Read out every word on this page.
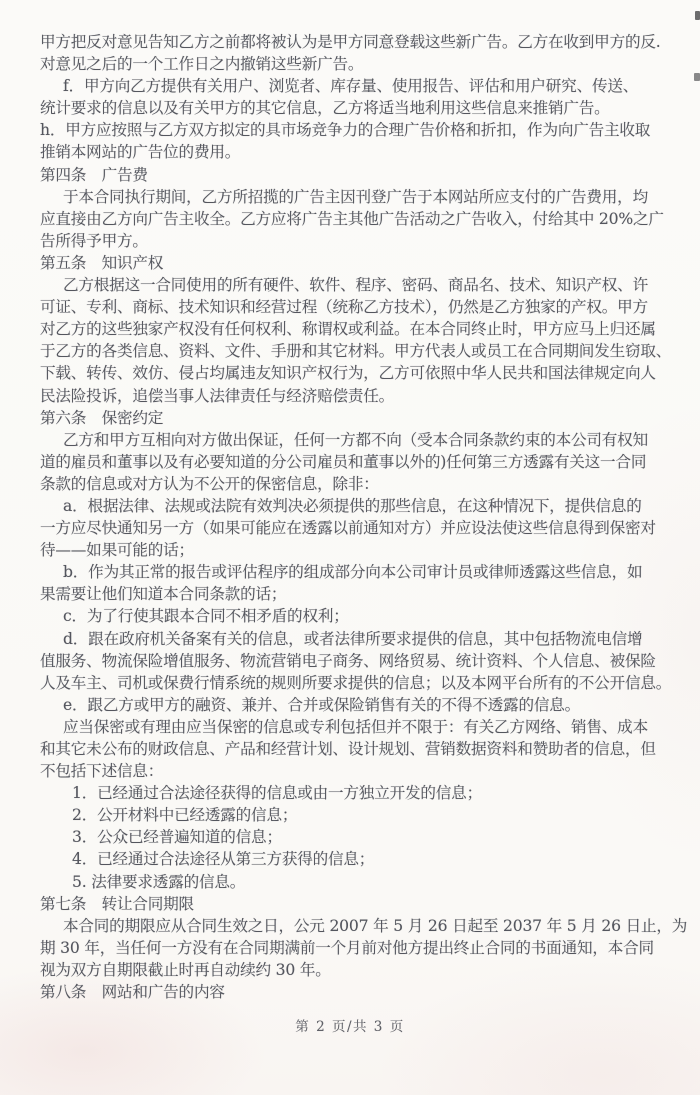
甲方把反对意见告知乙方之前都将被认为是甲方同意登载这些新广告。乙方在收到甲方的反.
对意见之后的一个工作日之内撤销这些新广告。
f．甲方向乙方提供有关用户、浏览者、库存量、使用报告、评估和用户研究、传送、
统计要求的信息以及有关甲方的其它信息，乙方将适当地利用这些信息来推销广告。
h．甲方应按照与乙方双方拟定的具市场竞争力的合理广告价格和折扣，作为向广告主收取
推销本网站的广告位的费用。
第四条　广告费
于本合同执行期间，乙方所招揽的广告主因刊登广告于本网站所应支付的广告费用，均
应直接由乙方向广告主收全。乙方应将广告主其他广告活动之广告收入，付给其中 20%之广
告所得予甲方。
第五条　知识产权
乙方根据这一合同使用的所有硬件、软件、程序、密码、商品名、技术、知识产权、许
可证、专利、商标、技术知识和经营过程（统称乙方技术），仍然是乙方独家的产权。甲方
对乙方的这些独家产权没有任何权利、称谓权或利益。在本合同终止时，甲方应马上归还属
于乙方的各类信息、资料、文件、手册和其它材料。甲方代表人或员工在合同期间发生窃取、
下载、转传、效仿、侵占均属违友知识产权行为，乙方可依照中华人民共和国法律规定向人
民法险投诉，追偿当事人法律责任与经济赔偿责任。
第六条　保密约定
乙方和甲方互相向对方做出保证，任何一方都不向（受本合同条款约束的本公司有权知
道的雇员和董事以及有必要知道的分公司雇员和董事以外的)任何第三方透露有关这一合同
条款的信息或对方认为不公开的保密信息，除非：
a．根据法律、法规或法院有效判决必须提供的那些信息，在这种情况下，提供信息的
一方应尽快通知另一方（如果可能应在透露以前通知对方）并应设法使这些信息得到保密对
待——如果可能的话；
b．作为其正常的报告或评估程序的组成部分向本公司审计员或律师透露这些信息，如
果需要让他们知道本合同条款的话；
c．为了行使其跟本合同不相矛盾的权利；
d．跟在政府机关备案有关的信息，或者法律所要求提供的信息，其中包括物流电信增
值服务、物流保险增值服务、物流营销电子商务、网络贸易、统计资料、个人信息、被保险
人及车主、司机或保费行情系统的规则所要求提供的信息；以及本网平台所有的不公开信息。
e．跟乙方或甲方的融资、兼并、合并或保险销售有关的不得不透露的信息。
应当保密或有理由应当保密的信息或专利包括但并不限于：有关乙方网络、销售、成本
和其它未公布的财政信息、产品和经营计划、设计规划、营销数据资料和赞助者的信息，但
不包括下述信息：
1．已经通过合法途径获得的信息或由一方独立开发的信息；
2．公开材料中已经透露的信息；
3．公众已经普遍知道的信息；
4．已经通过合法途径从第三方获得的信息；
5. 法律要求透露的信息。
第七条　转让合同期限
本合同的期限应从合同生效之日，公元 2007 年 5 月 26 日起至 2037 年 5 月 26 日止，为
期 30 年，当任何一方没有在合同期满前一个月前对他方提出终止合同的书面通知，本合同
视为双方自期限截止时再自动续约 30 年。
第八条　网站和广告的内容
第 2 页/共 3 页
